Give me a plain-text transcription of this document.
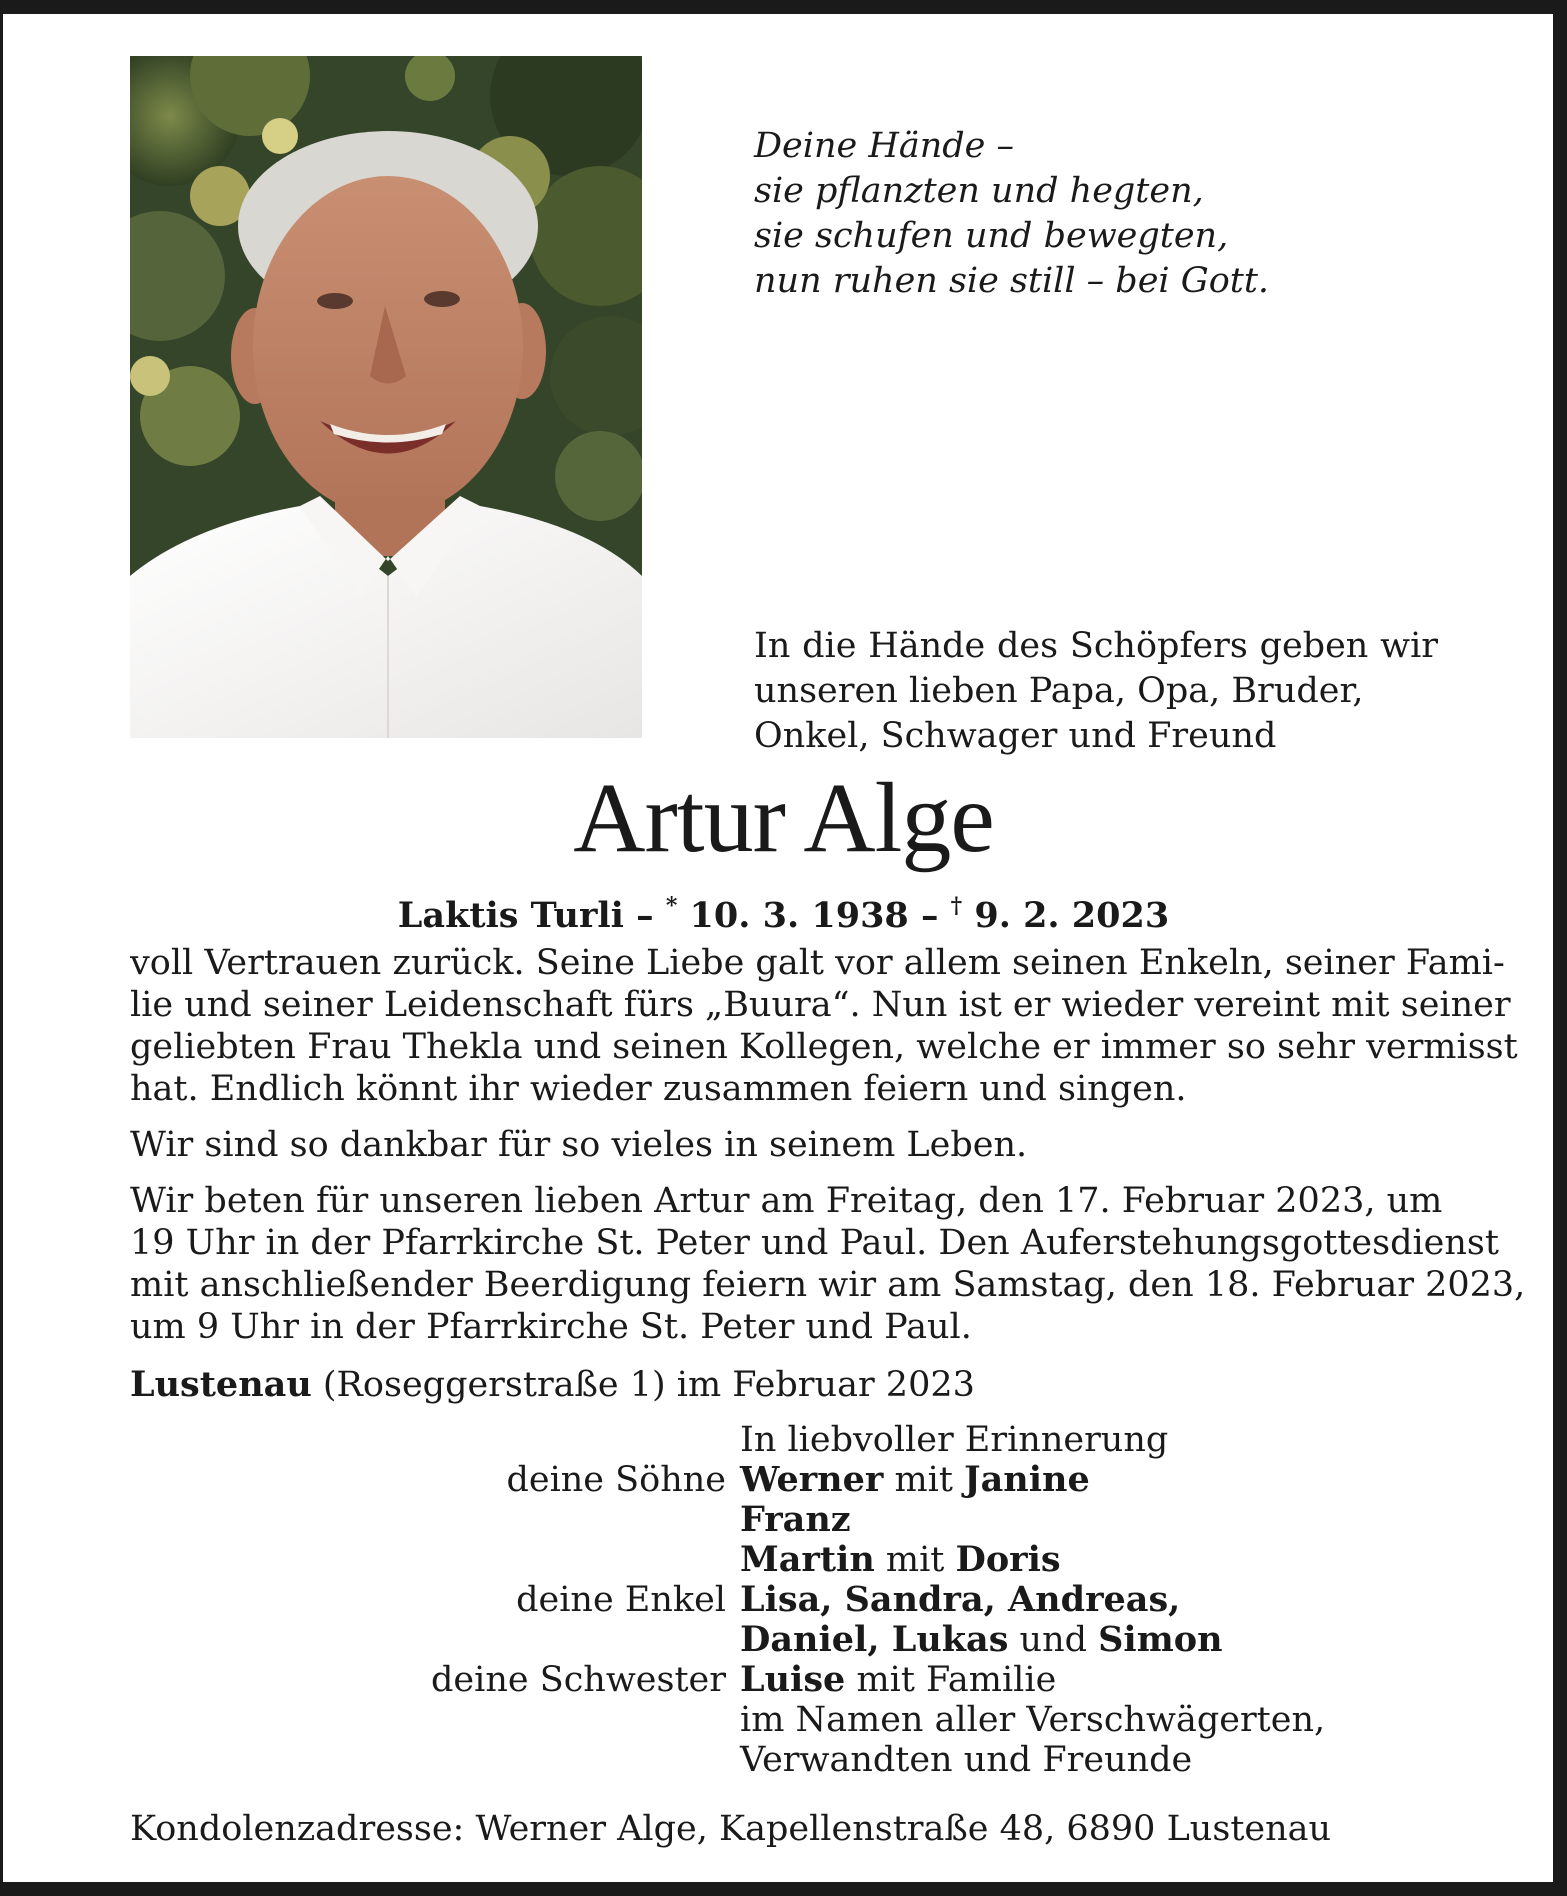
Deine Hände –
sie pflanzten und hegten,
sie schufen und bewegten,
nun ruhen sie still – bei Gott.
In die Hände des Schöpfers geben wir
unseren lieben Papa, Opa, Bruder,
Onkel, Schwager und Freund
Artur Alge
Laktis Turli – * 10. 3. 1938 – † 9. 2. 2023
voll Vertrauen zurück. Seine Liebe galt vor allem seinen Enkeln, seiner Fami-
lie und seiner Leidenschaft fürs „Buura“. Nun ist er wieder vereint mit seiner
geliebten Frau Thekla und seinen Kollegen, welche er immer so sehr vermisst
hat. Endlich könnt ihr wieder zusammen feiern und singen.
Wir sind so dankbar für so vieles in seinem Leben.
Wir beten für unseren lieben Artur am Freitag, den 17. Februar 2023, um
19 Uhr in der Pfarrkirche St. Peter und Paul. Den Auferstehungsgottesdienst
mit anschließender Beerdigung feiern wir am Samstag, den 18. Februar 2023,
um 9 Uhr in der Pfarrkirche St. Peter und Paul.
Lustenau (Roseggerstraße 1) im Februar 2023
In liebvoller Erinnerung
deine Söhne Werner mit Janine
Franz
Martin mit Doris
deine Enkel Lisa, Sandra, Andreas,
Daniel, Lukas und Simon
deine Schwester Luise mit Familie
im Namen aller Verschwägerten,
Verwandten und Freunde
Kondolenzadresse: Werner Alge, Kapellenstraße 48, 6890 Lustenau
